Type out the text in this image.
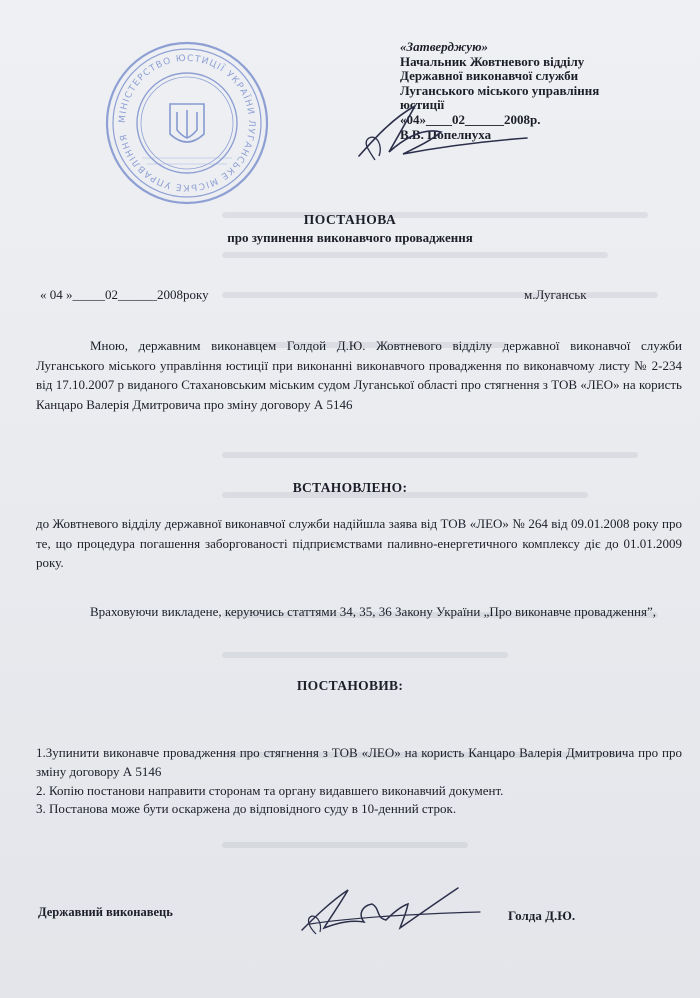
МІНІСТЕРСТВО ЮСТИЦІЇ УКРАЇНИ ЛУГАНСЬКЕ МІСЬКЕ УПРАВЛІННЯ
«Затверджую»
Начальник Жовтневого відділу
Державної виконавчої служби
Луганського міського управління
юстиції
«04»____02______2008р.
В.В. Попелнуха
ПОСТАНОВА
про зупинення виконавчого провадження
« 04 »_____02______2008року	м.Луганськ
Мною, державним виконавцем Голдой Д.Ю. Жовтневого відділу державної виконавчої служби Луганського міського управління юстиції при виконанні виконавчого провадження по виконавчому листу № 2-234 від 17.10.2007 р виданого Стахановським міським судом Луганської області про стягнення з ТОВ «ЛЕО» на користь Канцаро Валерія Дмитровича про зміну договору А 5146
ВСТАНОВЛЕНО:
до Жовтневого відділу державної виконавчої служби надійшла заява від ТОВ «ЛЕО» № 264 від 09.01.2008 року про те, що процедура погашення заборгованості підприємствами паливно-енергетичного комплексу діє до 01.01.2009 року.
Враховуючи викладене, керуючись статтями 34, 35, 36 Закону України „Про виконавче провадження”,
ПОСТАНОВИВ:
1.Зупинити виконавче провадження про стягнення з ТОВ «ЛЕО» на користь Канцаро Валерія Дмитровича про про зміну договору А 5146
2. Копію постанови направити сторонам та органу видавшего виконавчий документ.
3. Постанова може бути оскаржена до відповідного суду в 10-денний строк.
Державний виконавець	Голда Д.Ю.
